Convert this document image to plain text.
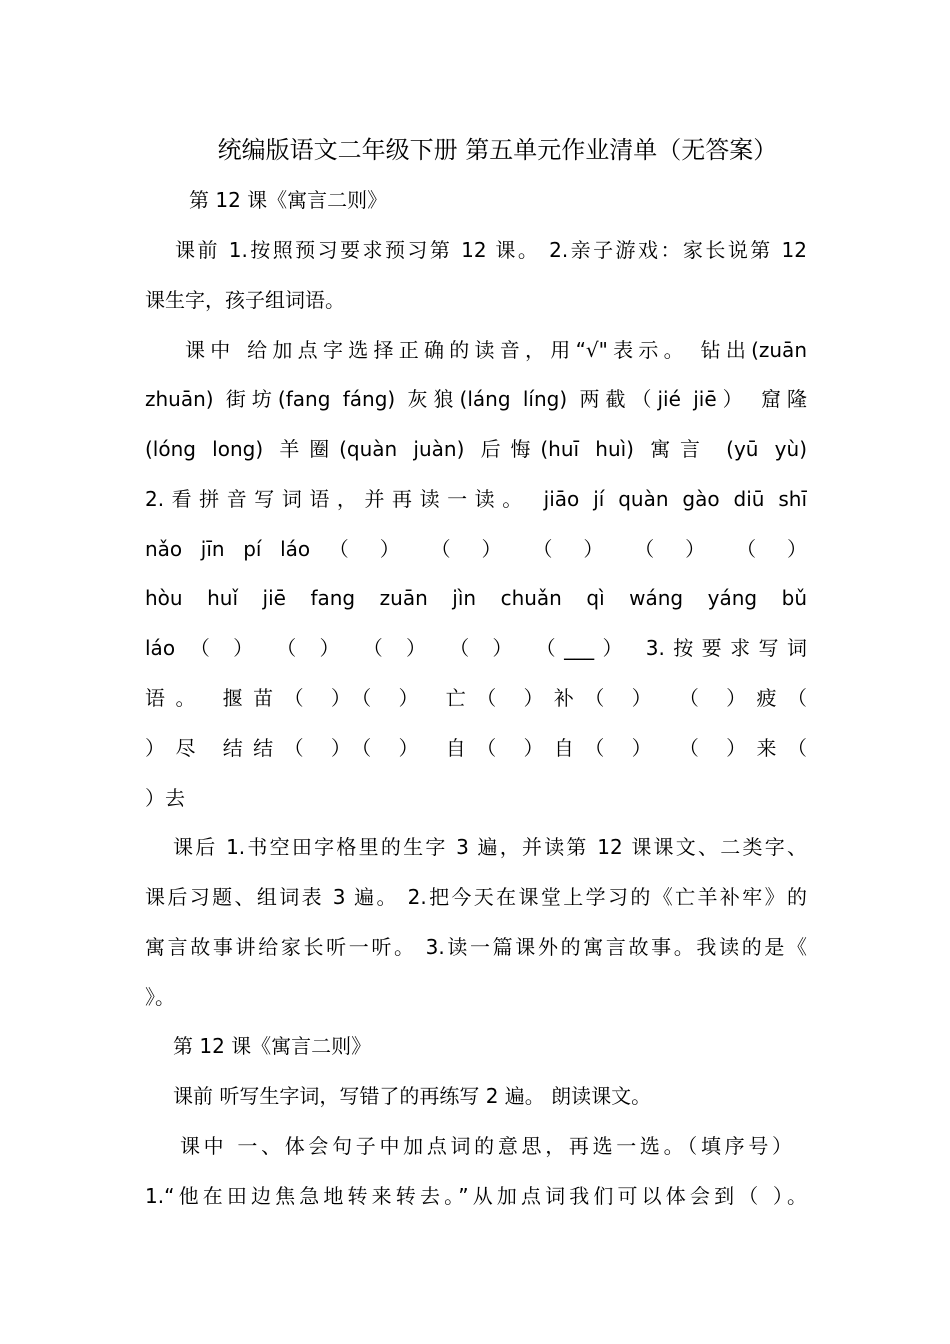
统编版语文二年级下册 第五单元作业清单（无答案）
第 12 课《寓言二则》
课前 1.按照预习要求预习第 12 课。 2.亲子游戏：家长说第 12
课生字，孩子组词语。
课中 给加点字选择正确的读音，用“√"表示。 钻出(zuān
zhuān) 街坊(fang fáng) 灰狼(láng líng) 两截（jié jiē） 窟隆
(lóng long) 羊圈(quàn juàn) 后悔(huī huì) 寓言 (yū yù)
2.看拼音写词语，并再读一读。 jiāo jí quàn gào diū shī
nǎo jīn pí láo （ ） （ ） （ ） （ ） （ ）
hòu huǐ jiē fang zuān jìn chuǎn qì wáng yáng bǔ
láo （ ） （ ） （ ） （ ） （___） 3.按要求写词
语。 揠苗（ ）（ ） 亡（ ）补（ ） （ ）疲（
）尽 结结（ ）（ ） 自（ ）自（ ） （ ）来（
）去
课后 1.书空田字格里的生字 3 遍，并读第 12 课课文、二类字、
课后习题、组词表 3 遍。 2.把今天在课堂上学习的《亡羊补牢》的
寓言故事讲给家长听一听。 3.读一篇课外的寓言故事。我读的是《
》。
第 12 课《寓言二则》
课前 听写生字词，写错了的再练写 2 遍。 朗读课文。
课中 一、体会句子中加点词的意思，再选一选。（填序号）
1.“他在田边焦急地转来转去。”从加点词我们可以体会到（ ）。
